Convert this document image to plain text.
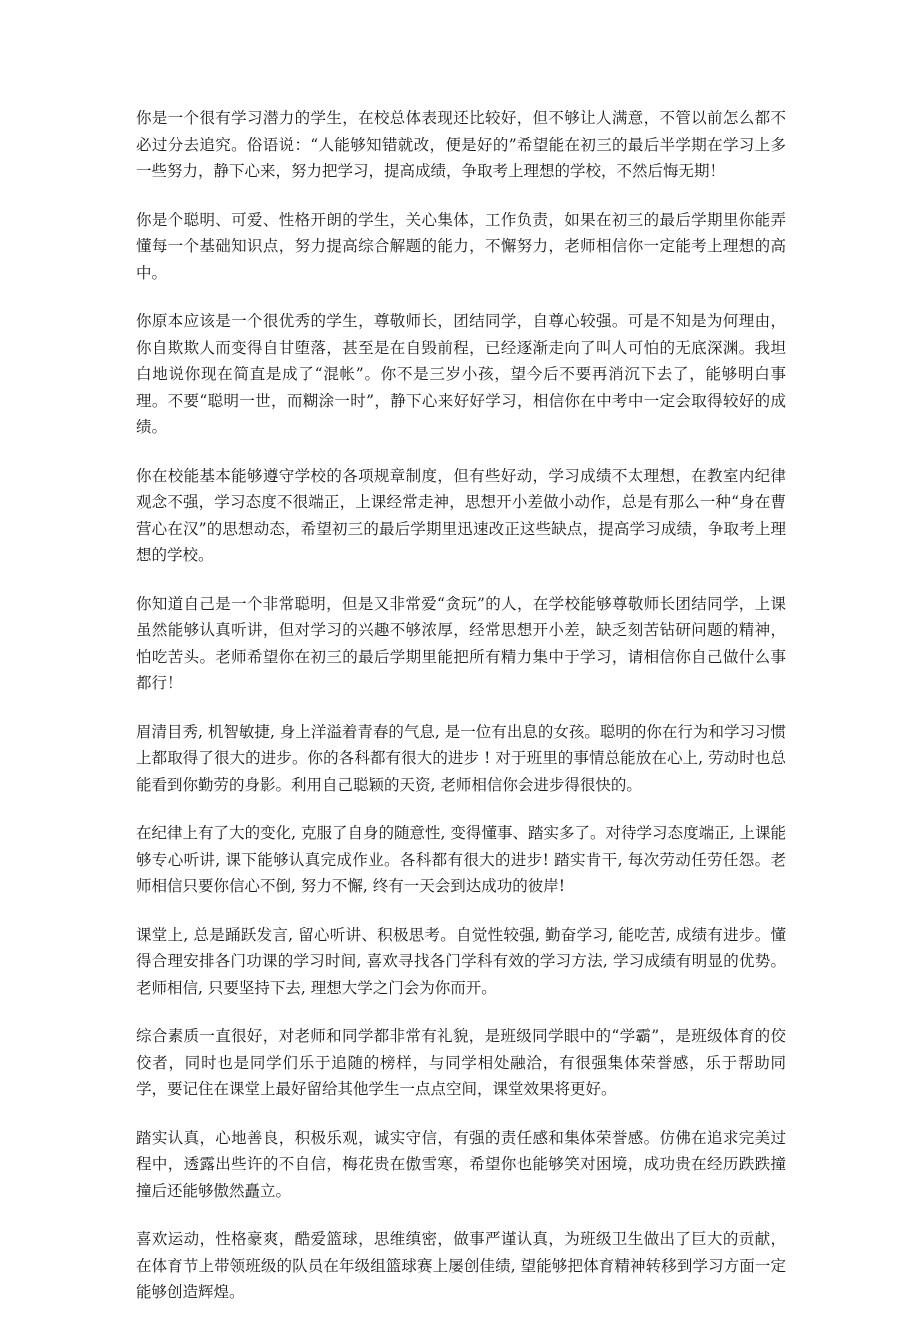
你是一个很有学习潜力的学生，在校总体表现还比较好，但不够让人满意，不管以前怎么都不必过分去追究。俗语说：“人能够知错就改，便是好的”希望能在初三的最后半学期在学习上多一些努力，静下心来，努力把学习，提高成绩，争取考上理想的学校，不然后悔无期！

你是个聪明、可爱、性格开朗的学生，关心集体，工作负责，如果在初三的最后学期里你能弄懂每一个基础知识点，努力提高综合解题的能力，不懈努力，老师相信你一定能考上理想的高中。

你原本应该是一个很优秀的学生，尊敬师长，团结同学，自尊心较强。可是不知是为何理由，你自欺欺人而变得自甘堕落，甚至是在自毁前程，已经逐渐走向了叫人可怕的无底深渊。我坦白地说你现在简直是成了“混帐”。你不是三岁小孩，望今后不要再消沉下去了，能够明白事理。不要“聪明一世，而糊涂一时”，静下心来好好学习，相信你在中考中一定会取得较好的成绩。

你在校能基本能够遵守学校的各项规章制度，但有些好动，学习成绩不太理想，在教室内纪律观念不强，学习态度不很端正，上课经常走神，思想开小差做小动作，总是有那么一种“身在曹营心在汉”的思想动态，希望初三的最后学期里迅速改正这些缺点，提高学习成绩，争取考上理想的学校。

你知道自己是一个非常聪明，但是又非常爱“贪玩”的人，在学校能够尊敬师长团结同学，上课虽然能够认真听讲，但对学习的兴趣不够浓厚，经常思想开小差，缺乏刻苦钻研问题的精神，怕吃苦头。老师希望你在初三的最后学期里能把所有精力集中于学习，请相信你自己做什么事都行！

眉清目秀, 机智敏捷, 身上洋溢着青春的气息, 是一位有出息的女孩。聪明的你在行为和学习习惯上都取得了很大的进步。你的各科都有很大的进步 ! 对于班里的事情总能放在心上, 劳动时也总能看到你勤劳的身影。利用自己聪颖的天资, 老师相信你会进步得很快的。

在纪律上有了大的变化, 克服了自身的随意性, 变得懂事、踏实多了。对待学习态度端正, 上课能够专心听讲, 课下能够认真完成作业。各科都有很大的进步! 踏实肯干, 每次劳动任劳任怨。老师相信只要你信心不倒, 努力不懈, 终有一天会到达成功的彼岸!

课堂上, 总是踊跃发言, 留心听讲、积极思考。自觉性较强, 勤奋学习, 能吃苦, 成绩有进步。懂得合理安排各门功课的学习时间, 喜欢寻找各门学科有效的学习方法, 学习成绩有明显的优势。老师相信, 只要坚持下去, 理想大学之门会为你而开。

综合素质一直很好，对老师和同学都非常有礼貌，是班级同学眼中的“学霸”，是班级体育的佼佼者，同时也是同学们乐于追随的榜样，与同学相处融洽，有很强集体荣誉感，乐于帮助同学，要记住在课堂上最好留给其他学生一点点空间，课堂效果将更好。

踏实认真，心地善良，积极乐观，诚实守信，有强的责任感和集体荣誉感。仿佛在追求完美过程中，透露出些许的不自信，梅花贵在傲雪寒，希望你也能够笑对困境，成功贵在经历跌跌撞撞后还能够傲然矗立。

喜欢运动，性格豪爽，酷爱篮球，思维缜密，做事严谨认真，为班级卫生做出了巨大的贡献，在体育节上带领班级的队员在年级组篮球赛上屡创佳绩, 望能够把体育精神转移到学习方面一定能够创造辉煌。
